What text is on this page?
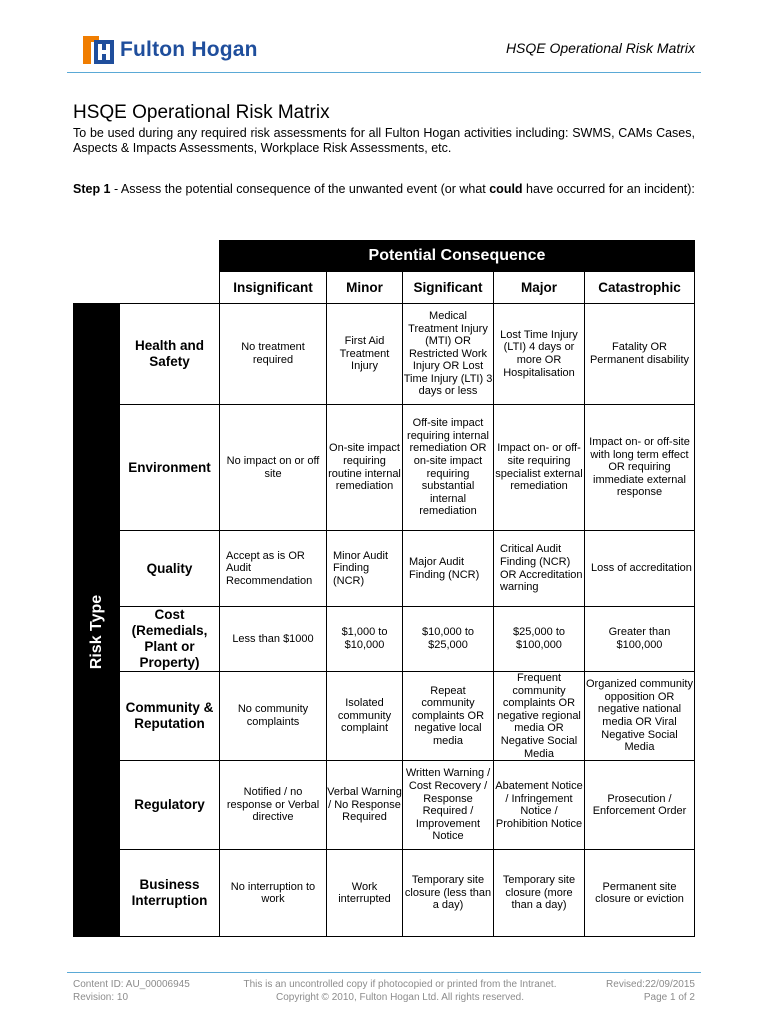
Fulton Hogan	HSQE Operational Risk Matrix
HSQE Operational Risk Matrix
To be used during any required risk assessments for all Fulton Hogan activities including: SWMS, CAMs Cases, Aspects & Impacts Assessments, Workplace Risk Assessments, etc.
Step 1 - Assess the potential consequence of the unwanted event (or what could have occurred for an incident):
		Potential Consequence				
		Insignificant	Minor	Significant	Major	Catastrophic

Risk Type	Health and Safety	No treatment required	First Aid Treatment Injury	Medical Treatment Injury (MTI) OR Restricted Work Injury OR Lost Time Injury (LTI) 3 days or less	Lost Time Injury (LTI) 4 days or more OR Hospitalisation	Fatality OR Permanent disability
	Environment	No impact on or off site	On-site impact requiring routine internal remediation	Off-site impact requiring internal remediation OR on-site impact requiring substantial internal remediation	Impact on- or off-site requiring specialist external remediation	Impact on- or off-site with long term effect OR requiring immediate external response
	Quality	Accept as is OR Audit Recommendation	Minor Audit Finding (NCR)	Major Audit Finding (NCR)	Critical Audit Finding (NCR) OR Accreditation warning	Loss of accreditation
	Cost (Remedials, Plant or Property)	Less than $1000	$1,000 to $10,000	$10,000 to $25,000	$25,000 to $100,000	Greater than $100,000
	Community & Reputation	No community complaints	Isolated community complaint	Repeat community complaints OR negative local media	Frequent community complaints OR negative regional media OR Negative Social Media	Organized community opposition OR negative national media OR Viral Negative Social Media
	Regulatory	Notified / no response or Verbal directive	Verbal Warning / No Response Required	Written Warning / Cost Recovery / Response Required / Improvement Notice	Abatement Notice / Infringement Notice / Prohibition Notice	Prosecution / Enforcement Order
	Business Interruption	No interruption to work	Work interrupted	Temporary site closure (less than a day)	Temporary site closure (more than a day)	Permanent site closure or eviction
Content ID: AU_00006945
Revision: 10
This is an uncontrolled copy if photocopied or printed from the Intranet.
Copyright © 2010, Fulton Hogan Ltd. All rights reserved.
Revised:22/09/2015
Page 1 of 2
